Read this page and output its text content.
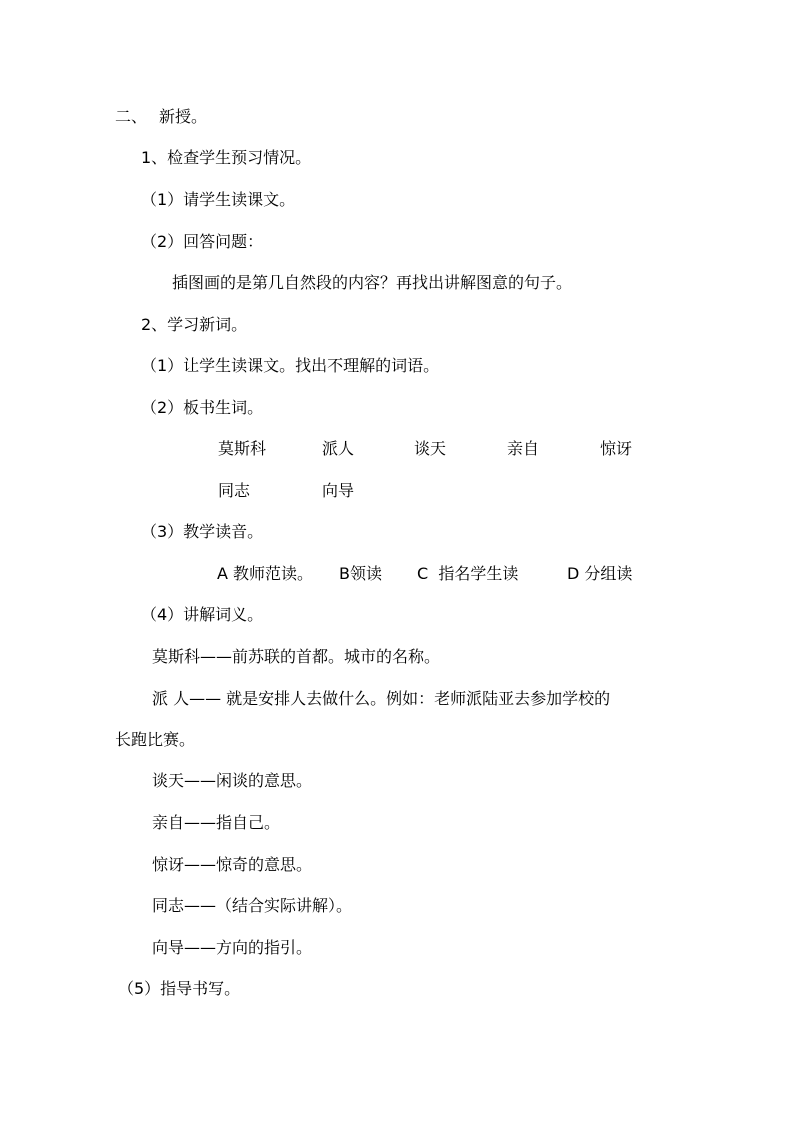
二、 新授。
1、检查学生预习情况。
（1）请学生读课文。
（2）回答问题：
插图画的是第几自然段的内容？再找出讲解图意的句子。
2、学习新词。
（1）让学生读课文。找出不理解的词语。
（2）板书生词。
莫斯科	派人	谈天	亲自	惊讶
同志	向导
（3）教学读音。
A 教师范读。 B领读 C  指名学生读	D 分组读
（4）讲解词义。
莫斯科——前苏联的首都。城市的名称。
派 人—— 就是安排人去做什么。例如：老师派陆亚去参加学校的
长跑比赛。
谈天——闲谈的意思。
亲自——指自己。
惊讶——惊奇的意思。
同志——（结合实际讲解）。
向导——方向的指引。
（5）指导书写。
